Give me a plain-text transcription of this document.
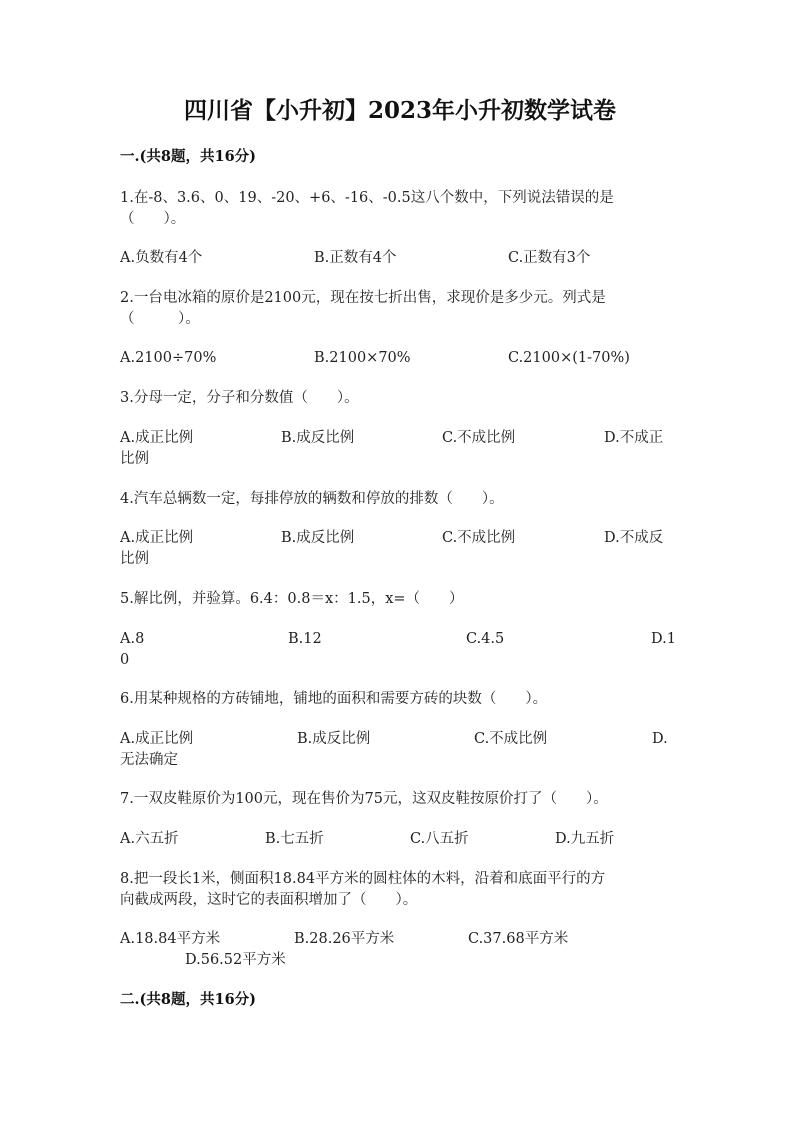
四川省【小升初】2023年小升初数学试卷
一.(共8题，共16分)
1.在-8、3.6、0、19、-20、+6、-16、-0.5这八个数中，下列说法错误的是
（　　）。
A.负数有4个	B.正数有4个	C.正数有3个
2.一台电冰箱的原价是2100元，现在按七折出售，求现价是多少元。列式是
（　　　）。
A.2100÷70%	B.2100×70%	C.2100×(1-70%)
3.分母一定，分子和分数值（　　）。
A.成正比例	B.成反比例	C.不成比例	D.不成正
比例
4.汽车总辆数一定，每排停放的辆数和停放的排数（　　）。
A.成正比例	B.成反比例	C.不成比例	D.不成反
比例
5.解比例，并验算。6.4：0.8＝x：1.5，x=（　　）
A.8	B.12	C.4.5	D.1
0
6.用某种规格的方砖铺地，铺地的面积和需要方砖的块数（　　）。
A.成正比例	B.成反比例	C.不成比例	D.
无法确定
7.一双皮鞋原价为100元，现在售价为75元，这双皮鞋按原价打了（　　）。
A.六五折	B.七五折	C.八五折	D.九五折
8.把一段长1米，侧面积18.84平方米的圆柱体的木料，沿着和底面平行的方
向截成两段，这时它的表面积增加了（　　）。
A.18.84平方米	B.28.26平方米	C.37.68平方米
D.56.52平方米
二.(共8题，共16分)
